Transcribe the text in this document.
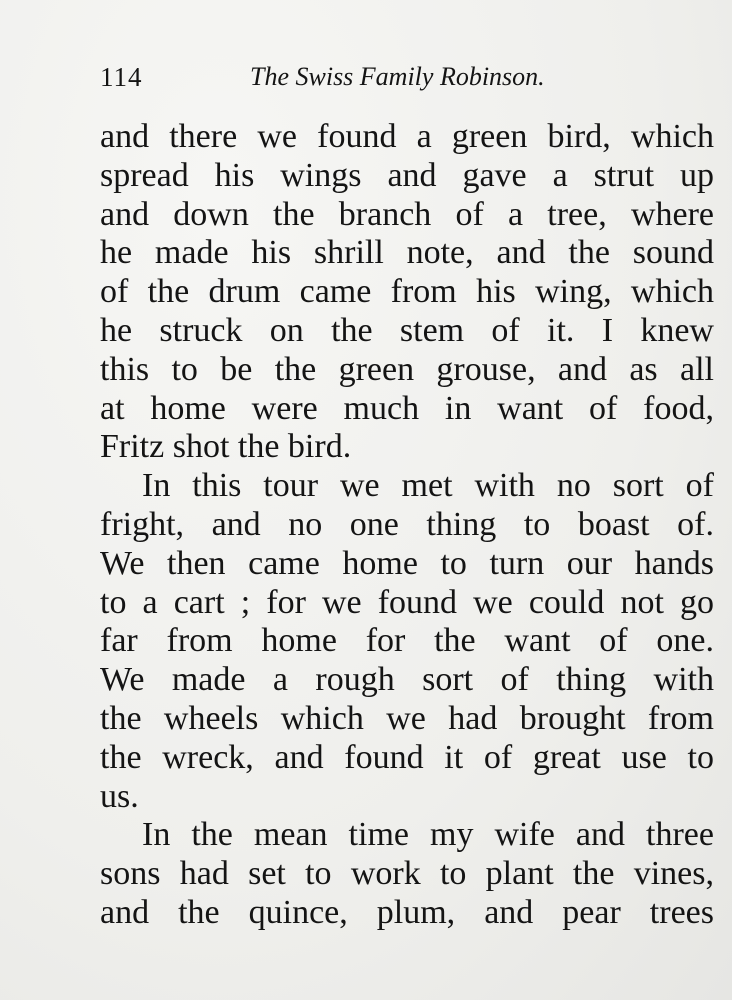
114	The Swiss Family Robinson.
and there we found a green bird, which
spread his wings and gave a strut up
and down the branch of a tree, where
he made his shrill note, and the sound
of the drum came from his wing, which
he struck on the stem of it. I knew
this to be the green grouse, and as all
at home were much in want of food,
Fritz shot the bird.
In this tour we met with no sort of
fright, and no one thing to boast of.
We then came home to turn our hands
to a cart ; for we found we could not go
far from home for the want of one.
We made a rough sort of thing with
the wheels which we had brought from
the wreck, and found it of great use to
us.
In the mean time my wife and three
sons had set to work to plant the vines,
and the quince, plum, and pear trees
